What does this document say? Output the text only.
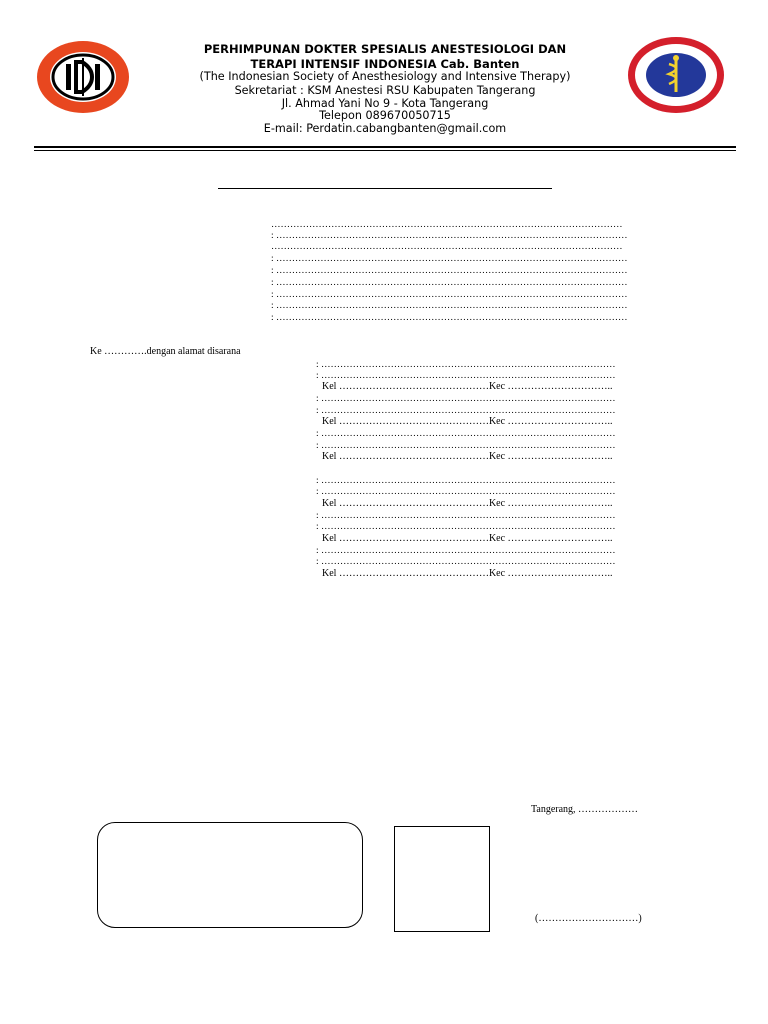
PERHIMPUNAN DOKTER SPESIALIS ANESTESIOLOGI DAN
TERAPI INTENSIF INDONESIA Cab. Banten
(The Indonesian Society of Anesthesiology and Intensive Therapy)
Sekretariat : KSM Anestesi RSU Kabupaten Tangerang
Jl. Ahmad Yani No 9 - Kota Tangerang
Telepon 089670050715
E-mail: Perdatin.cabangbanten@gmail.com
…………………………………………………………………………………………………
: …………………………………………………………………………………………………
…………………………………………………………………………………………………
: …………………………………………………………………………………………………
: …………………………………………………………………………………………………
: …………………………………………………………………………………………………
: …………………………………………………………………………………………………
: …………………………………………………………………………………………………
: …………………………………………………………………………………………………
Ke ………….dengan alamat disarana
: …………………………………………………………………………………
: …………………………………………………………………………………
Kel ………………………………………Kec …………………………..
: …………………………………………………………………………………
: …………………………………………………………………………………
Kel ………………………………………Kec …………………………..
: …………………………………………………………………………………
: …………………………………………………………………………………
Kel ………………………………………Kec …………………………..
: …………………………………………………………………………………
: …………………………………………………………………………………
Kel ………………………………………Kec …………………………..
: …………………………………………………………………………………
: …………………………………………………………………………………
Kel ………………………………………Kec …………………………..
: …………………………………………………………………………………
: …………………………………………………………………………………
Kel ………………………………………Kec …………………………..
Tangerang, ………………
(…………………………)
